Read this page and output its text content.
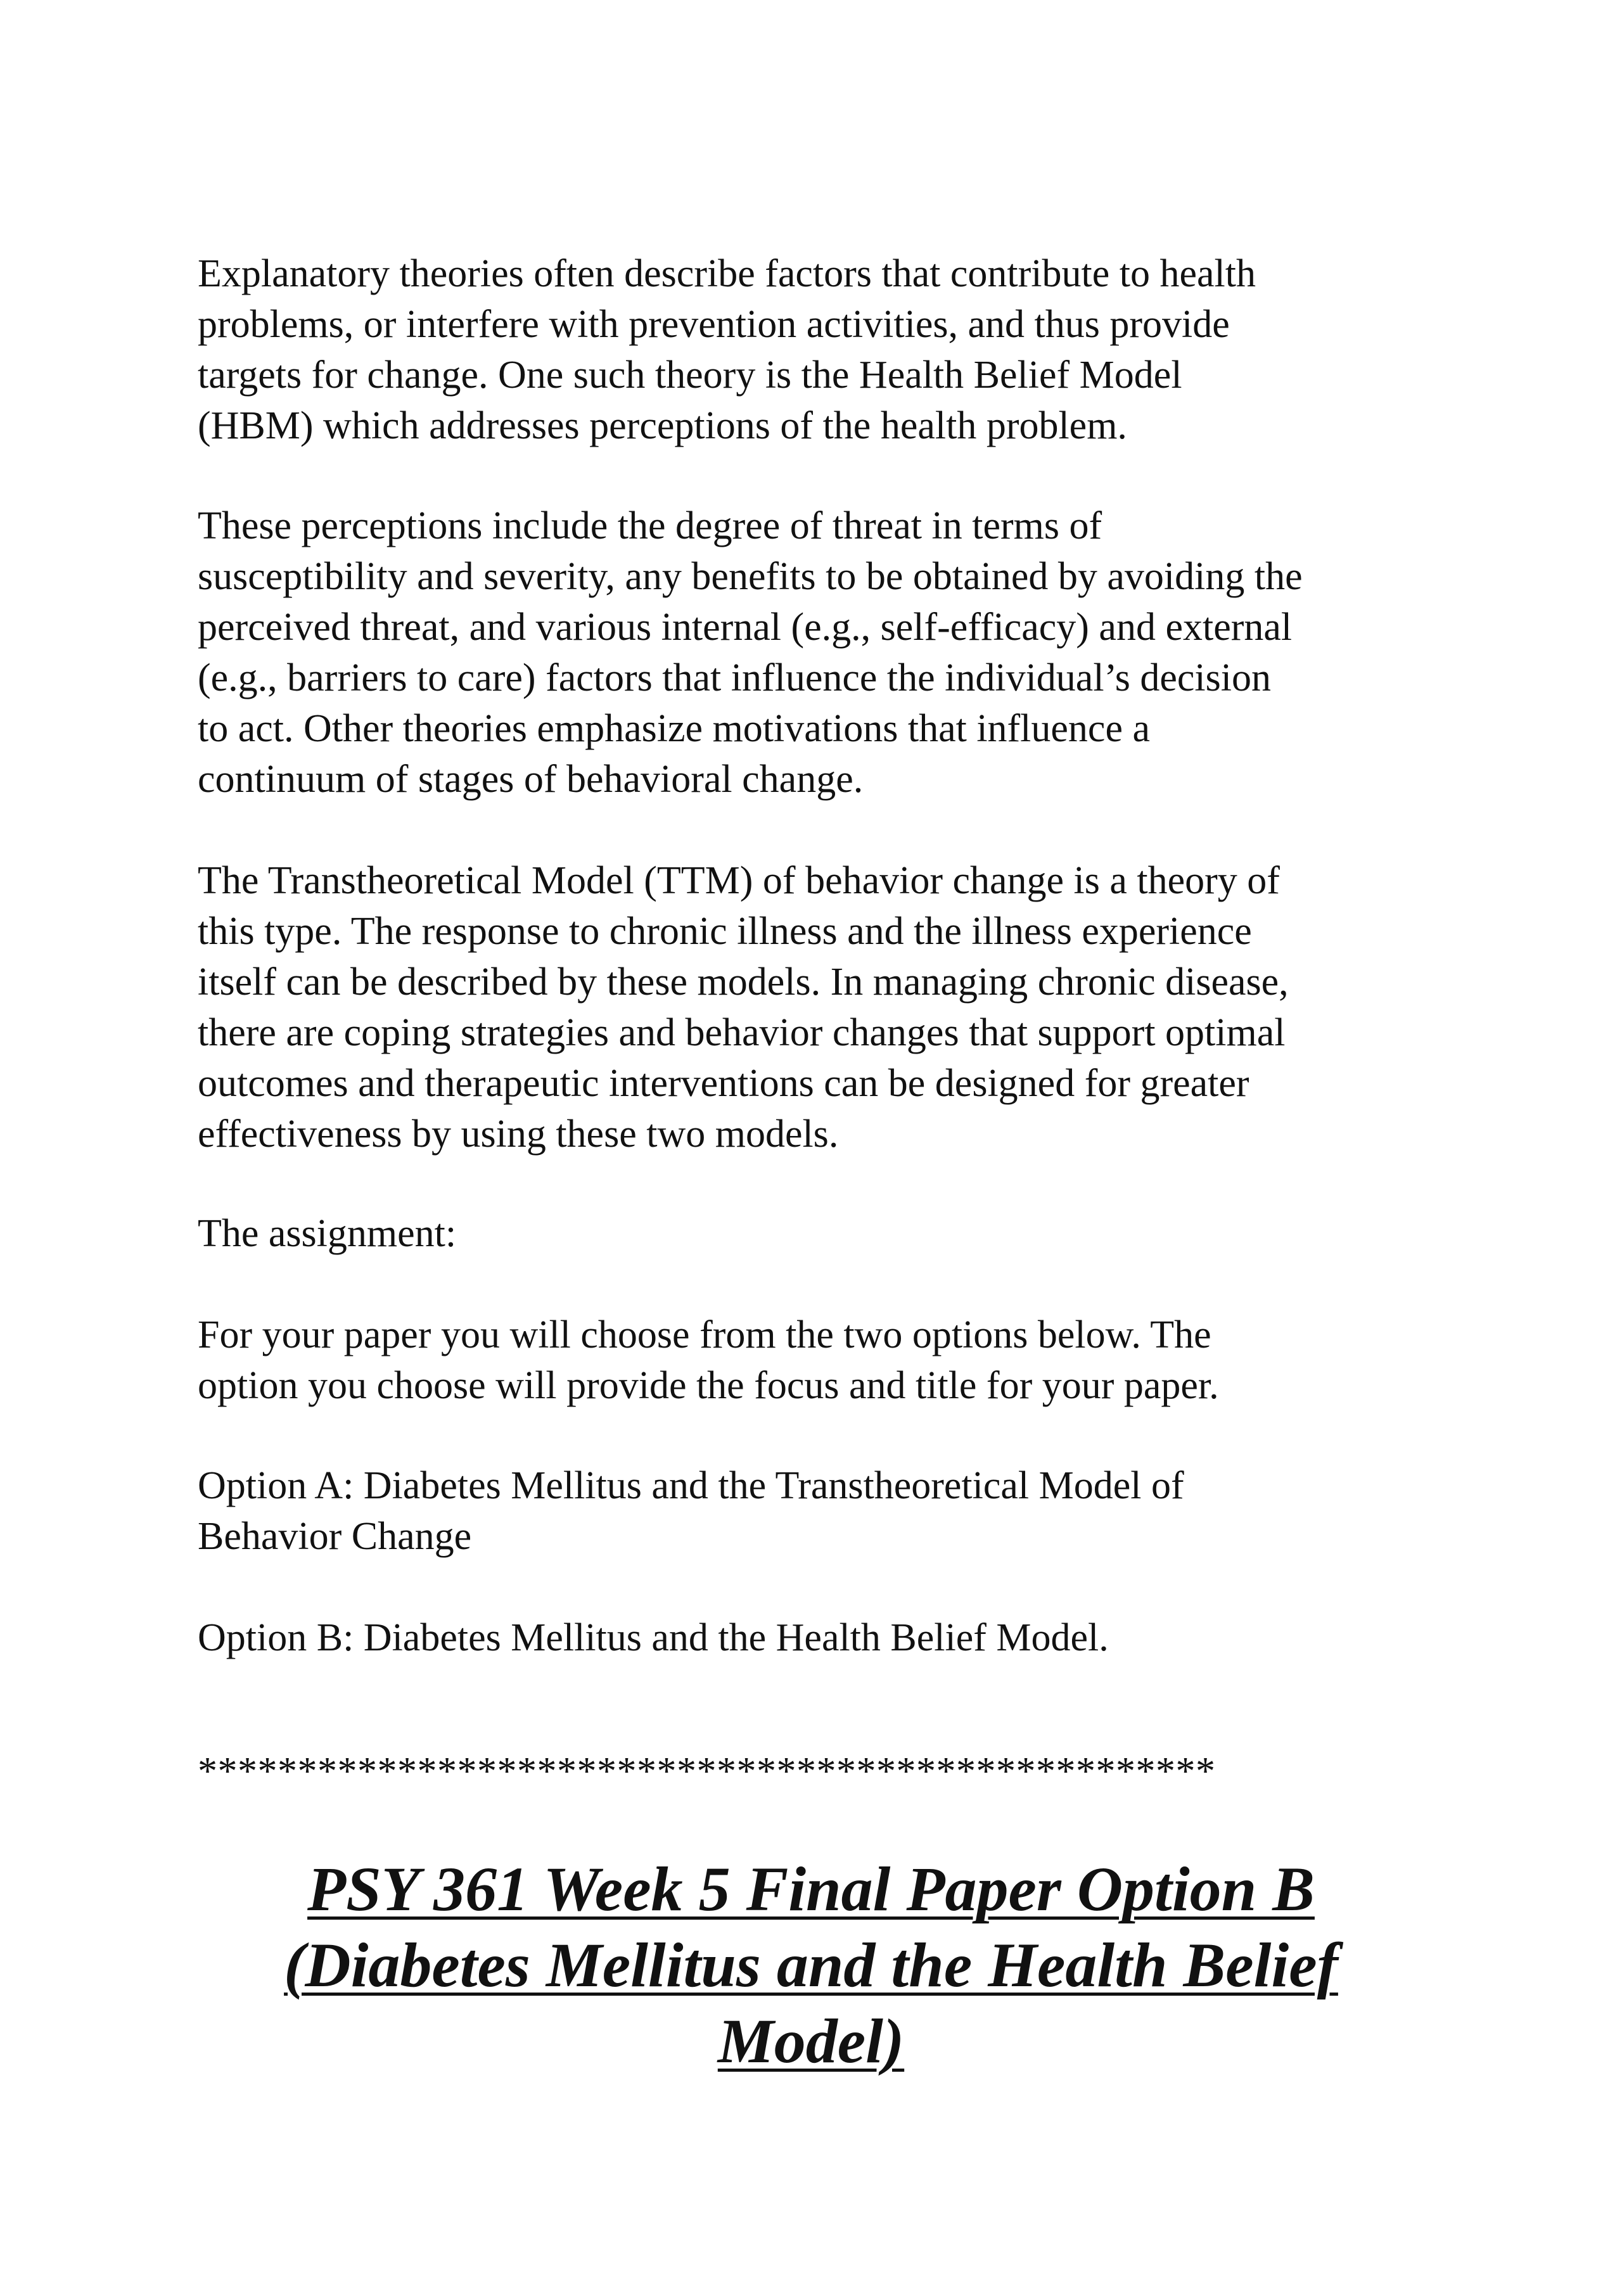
Explanatory theories often describe factors that contribute to health
problems, or interfere with prevention activities, and thus provide
targets for change. One such theory is the Health Belief Model
(HBM) which addresses perceptions of the health problem.

These perceptions include the degree of threat in terms of
susceptibility and severity, any benefits to be obtained by avoiding the
perceived threat, and various internal (e.g., self-efficacy) and external
(e.g., barriers to care) factors that influence the individual’s decision
to act. Other theories emphasize motivations that influence a
continuum of stages of behavioral change.

The Transtheoretical Model (TTM) of behavior change is a theory of
this type. The response to chronic illness and the illness experience
itself can be described by these models. In managing chronic disease,
there are coping strategies and behavior changes that support optimal
outcomes and therapeutic interventions can be designed for greater
effectiveness by using these two models.

The assignment:

For your paper you will choose from the two options below. The
option you choose will provide the focus and title for your paper.

Option A: Diabetes Mellitus and the Transtheoretical Model of
Behavior Change

Option B: Diabetes Mellitus and the Health Belief Model.

***************************************************

PSY 361 Week 5 Final Paper Option B
(Diabetes Mellitus and the Health Belief
Model)
